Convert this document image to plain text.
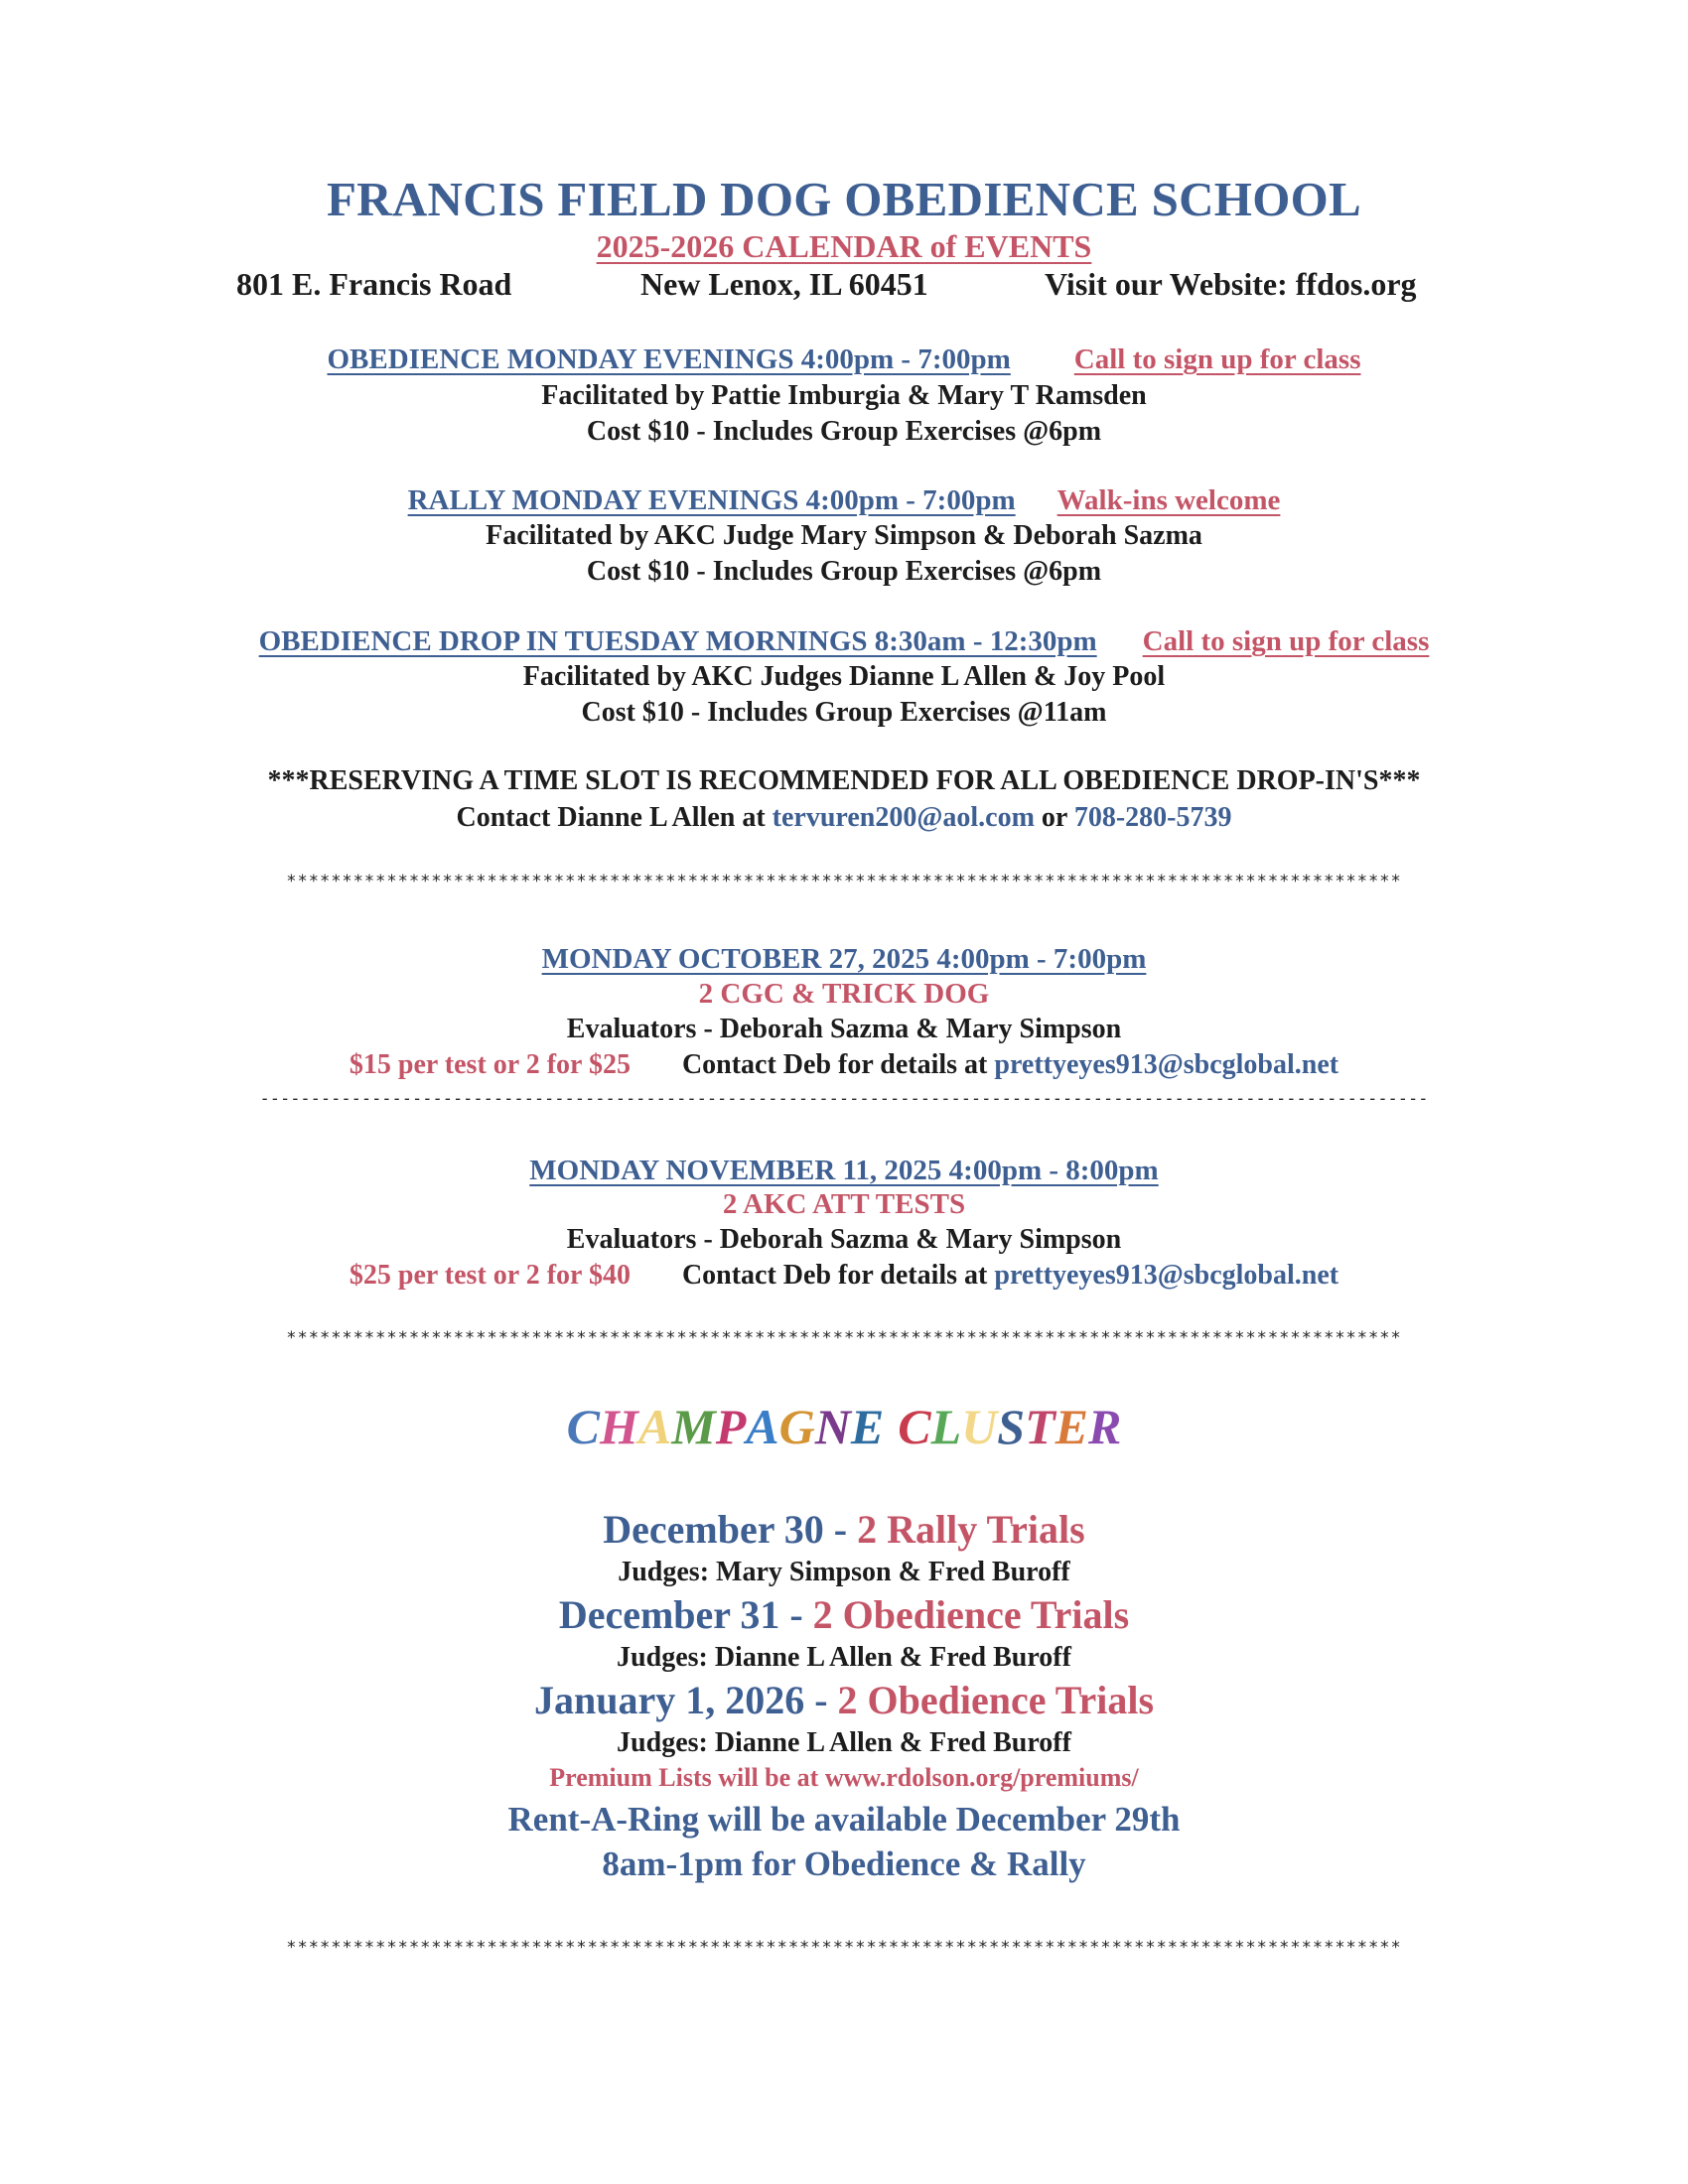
FRANCIS FIELD DOG OBEDIENCE SCHOOL
2025-2026 CALENDAR of EVENTS
801 E. Francis Road	New Lenox, IL 60451	Visit our Website: ffdos.org
OBEDIENCE MONDAY EVENINGS 4:00pm - 7:00pm Call to sign up for class
Facilitated by Pattie Imburgia & Mary T Ramsden
Cost $10 - Includes Group Exercises @6pm
RALLY MONDAY EVENINGS 4:00pm - 7:00pm Walk-ins welcome
Facilitated by AKC Judge Mary Simpson & Deborah Sazma
Cost $10 - Includes Group Exercises @6pm
OBEDIENCE DROP IN TUESDAY MORNINGS 8:30am - 12:30pm Call to sign up for class
Facilitated by AKC Judges Dianne L Allen & Joy Pool
Cost $10 - Includes Group Exercises @11am
***RESERVING A TIME SLOT IS RECOMMENDED FOR ALL OBEDIENCE DROP-IN'S***
Contact Dianne L Allen at tervuren200@aol.com or 708-280-5739
****************************************************************************************************
MONDAY OCTOBER 27, 2025 4:00pm - 7:00pm
2 CGC & TRICK DOG
Evaluators - Deborah Sazma & Mary Simpson
$15 per test or 2 for $25 Contact Deb for details at prettyeyes913@sbcglobal.net
-------------------------------------------------------------------------------------------------------------------
MONDAY NOVEMBER 11, 2025 4:00pm - 8:00pm
2 AKC ATT TESTS
Evaluators - Deborah Sazma & Mary Simpson
$25 per test or 2 for $40 Contact Deb for details at prettyeyes913@sbcglobal.net
****************************************************************************************************
CHAMPAGNE CLUSTER
December 30 - 2 Rally Trials
Judges: Mary Simpson & Fred Buroff
December 31 - 2 Obedience Trials
Judges: Dianne L Allen & Fred Buroff
January 1, 2026 - 2 Obedience Trials
Judges: Dianne L Allen & Fred Buroff
Premium Lists will be at www.rdolson.org/premiums/
Rent-A-Ring will be available December 29th
8am-1pm for Obedience & Rally
****************************************************************************************************
